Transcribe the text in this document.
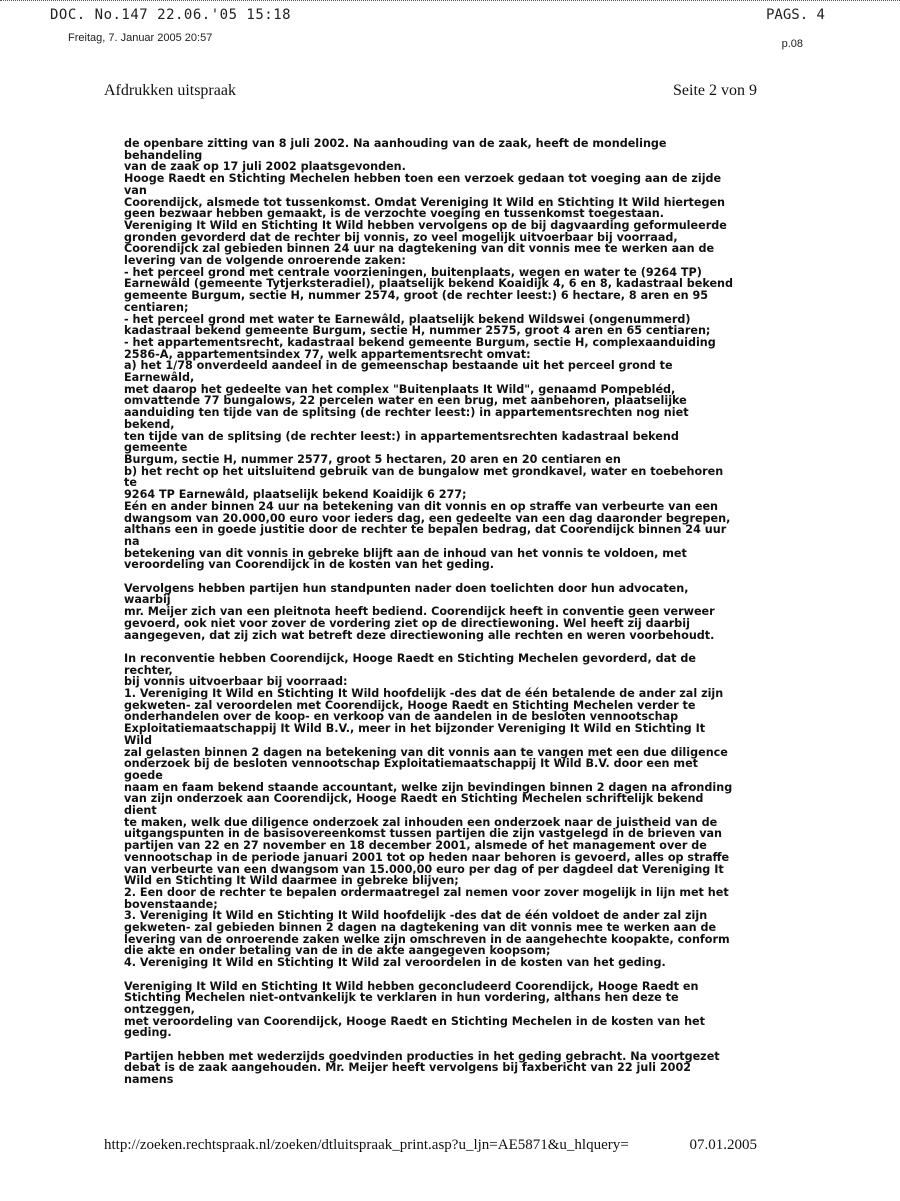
DOC. No.147 22.06.'05 15:18	PAGS. 4
Freitag, 7. Januar 2005 20:57	p.08
Afdrukken uitspraak	Seite 2 von 9

de openbare zitting van 8 juli 2002. Na aanhouding van de zaak, heeft de mondelinge behandeling
van de zaak op 17 juli 2002 plaatsgevonden.
Hooge Raedt en Stichting Mechelen hebben toen een verzoek gedaan tot voeging aan de zijde van
Coorendijck, alsmede tot tussenkomst. Omdat Vereniging It Wild en Stichting It Wild hiertegen
geen bezwaar hebben gemaakt, is de verzochte voeging en tussenkomst toegestaan.
Vereniging It Wild en Stichting It Wild hebben vervolgens op de bij dagvaarding geformuleerde
gronden gevorderd dat de rechter bij vonnis, zo veel mogelijk uitvoerbaar bij voorraad,
Coorendijck zal gebieden binnen 24 uur na dagtekening van dit vonnis mee te werken aan de
levering van de volgende onroerende zaken:
- het perceel grond met centrale voorzieningen, buitenplaats, wegen en water te (9264 TP)
Earnewâld (gemeente Tytjerksteradiel), plaatselijk bekend Koaidijk 4, 6 en 8, kadastraal bekend
gemeente Burgum, sectie H, nummer 2574, groot (de rechter leest:) 6 hectare, 8 aren en 95
centiaren;
- het perceel grond met water te Earnewâld, plaatselijk bekend Wildswei (ongenummerd)
kadastraal bekend gemeente Burgum, sectie H, nummer 2575, groot 4 aren en 65 centiaren;
- het appartementsrecht, kadastraal bekend gemeente Burgum, sectie H, complexaanduiding
2586-A, appartementsindex 77, welk appartementsrecht omvat:
a) het 1/78 onverdeeld aandeel in de gemeenschap bestaande uit het perceel grond te Earnewâld,
met daarop het gedeelte van het complex "Buitenplaats It Wild", genaamd Pompebléd,
omvattende 77 bungalows, 22 percelen water en een brug, met aanbehoren, plaatselijke
aanduiding ten tijde van de splitsing (de rechter leest:) in appartementsrechten nog niet bekend,
ten tijde van de splitsing (de rechter leest:) in appartementsrechten kadastraal bekend gemeente
Burgum, sectie H, nummer 2577, groot 5 hectaren, 20 aren en 20 centiaren en
b) het recht op het uitsluitend gebruik van de bungalow met grondkavel, water en toebehoren te
9264 TP Earnewâld, plaatselijk bekend Koaidijk 6 277;
Eén en ander binnen 24 uur na betekening van dit vonnis en op straffe van verbeurte van een
dwangsom van 20.000,00 euro voor ieders dag, een gedeelte van een dag daaronder begrepen,
althans een in goede justitie door de rechter te bepalen bedrag, dat Coorendijck binnen 24 uur na
betekening van dit vonnis in gebreke blijft aan de inhoud van het vonnis te voldoen, met
veroordeling van Coorendijck in de kosten van het geding.

Vervolgens hebben partijen hun standpunten nader doen toelichten door hun advocaten, waarbij
mr. Meijer zich van een pleitnota heeft bediend. Coorendijck heeft in conventie geen verweer
gevoerd, ook niet voor zover de vordering ziet op de directiewoning. Wel heeft zij daarbij
aangegeven, dat zij zich wat betreft deze directiewoning alle rechten en weren voorbehoudt.

In reconventie hebben Coorendijck, Hooge Raedt en Stichting Mechelen gevorderd, dat de rechter,
bij vonnis uitvoerbaar bij voorraad:
1. Vereniging It Wild en Stichting It Wild hoofdelijk -des dat de één betalende de ander zal zijn
gekweten- zal veroordelen met Coorendijck, Hooge Raedt en Stichting Mechelen verder te
onderhandelen over de koop- en verkoop van de aandelen in de besloten vennootschap
Exploitatiemaatschappij It Wild B.V., meer in het bijzonder Vereniging It Wild en Stichting It Wild
zal gelasten binnen 2 dagen na betekening van dit vonnis aan te vangen met een due diligence
onderzoek bij de besloten vennootschap Exploitatiemaatschappij It Wild B.V. door een met goede
naam en faam bekend staande accountant, welke zijn bevindingen binnen 2 dagen na afronding
van zijn onderzoek aan Coorendijck, Hooge Raedt en Stichting Mechelen schriftelijk bekend dient
te maken, welk due diligence onderzoek zal inhouden een onderzoek naar de juistheid van de
uitgangspunten in de basisovereenkomst tussen partijen die zijn vastgelegd in de brieven van
partijen van 22 en 27 november en 18 december 2001, alsmede of het management over de
vennootschap in de periode januari 2001 tot op heden naar behoren is gevoerd, alles op straffe
van verbeurte van een dwangsom van 15.000,00 euro per dag of per dagdeel dat Vereniging It
Wild en Stichting It Wild daarmee in gebreke blijven;
2. Een door de rechter te bepalen ordermaatregel zal nemen voor zover mogelijk in lijn met het
bovenstaande;
3. Vereniging It Wild en Stichting It Wild hoofdelijk -des dat de één voldoet de ander zal zijn
gekweten- zal gebieden binnen 2 dagen na dagtekening van dit vonnis mee te werken aan de
levering van de onroerende zaken welke zijn omschreven in de aangehechte koopakte, conform
die akte en onder betaling van de in de akte aangegeven koopsom;
4. Vereniging It Wild en Stichting It Wild zal veroordelen in de kosten van het geding.

Vereniging It Wild en Stichting It Wild hebben geconcludeerd Coorendijck, Hooge Raedt en
Stichting Mechelen niet-ontvankelijk te verklaren in hun vordering, althans hen deze te ontzeggen,
met veroordeling van Coorendijck, Hooge Raedt en Stichting Mechelen in de kosten van het
geding.

Partijen hebben met wederzijds goedvinden producties in het geding gebracht. Na voortgezet
debat is de zaak aangehouden. Mr. Meijer heeft vervolgens bij faxbericht van 22 juli 2002 namens

http://zoeken.rechtspraak.nl/zoeken/dtluitspraak_print.asp?u_ljn=AE5871&u_hlquery=	07.01.2005
